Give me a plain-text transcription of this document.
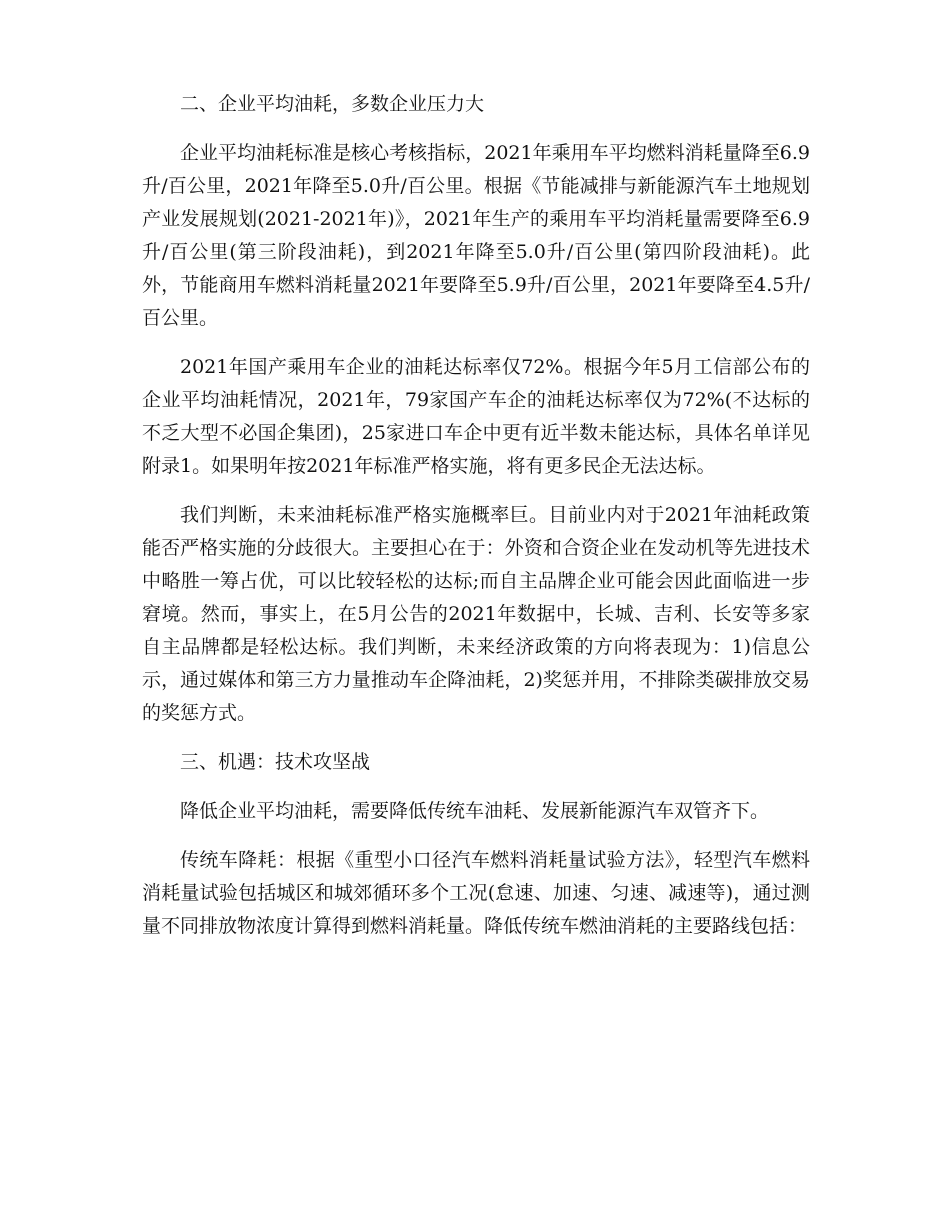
二、企业平均油耗，多数企业压力大

企业平均油耗标准是核心考核指标，2021年乘用车平均燃料消耗量降至6.9升/百公里，2021年降至5.0升/百公里。根据《节能减排与新能源汽车土地规划产业发展规划(2021-2021年)》，2021年生产的乘用车平均消耗量需要降至6.9升/百公里(第三阶段油耗)，到2021年降至5.0升/百公里(第四阶段油耗)。此外，节能商用车燃料消耗量2021年要降至5.9升/百公里，2021年要降至4.5升/百公里。

2021年国产乘用车企业的油耗达标率仅72%。根据今年5月工信部公布的企业平均油耗情况，2021年，79家国产车企的油耗达标率仅为72%(不达标的不乏大型不必国企集团)，25家进口车企中更有近半数未能达标，具体名单详见附录1。如果明年按2021年标准严格实施，将有更多民企无法达标。

我们判断，未来油耗标准严格实施概率巨。目前业内对于2021年油耗政策能否严格实施的分歧很大。主要担心在于：外资和合资企业在发动机等先进技术中略胜一筹占优，可以比较轻松的达标;而自主品牌企业可能会因此面临进一步窘境。然而，事实上，在5月公告的2021年数据中，长城、吉利、长安等多家自主品牌都是轻松达标。我们判断，未来经济政策的方向将表现为：1)信息公示，通过媒体和第三方力量推动车企降油耗，2)奖惩并用，不排除类碳排放交易的奖惩方式。

三、机遇：技术攻坚战

降低企业平均油耗，需要降低传统车油耗、发展新能源汽车双管齐下。

传统车降耗：根据《重型小口径汽车燃料消耗量试验方法》，轻型汽车燃料消耗量试验包括城区和城郊循环多个工况(怠速、加速、匀速、减速等)，通过测量不同排放物浓度计算得到燃料消耗量。降低传统车燃油消耗的主要路线包括：
